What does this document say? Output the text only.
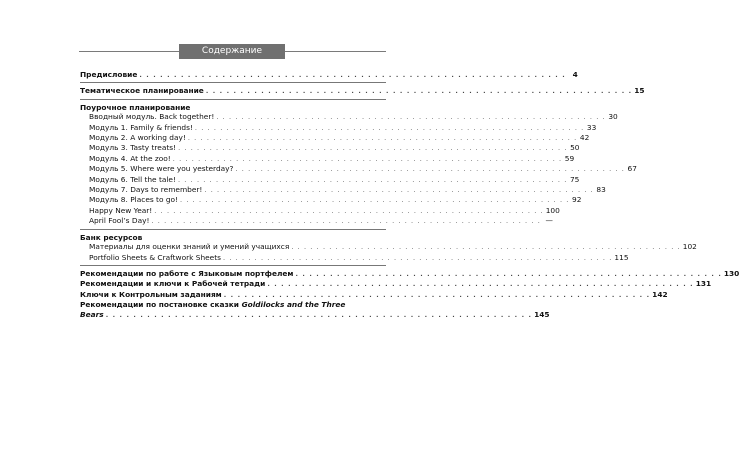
Содержание
Предисловие . . . . . . . . . . . . . . . . . . . . . . . . . . . . . . . . . . . . . . . . . . . . . . . . . . . . . . . . . . . . . . 4
Тематическое планирование . . . . . . . . . . . . . . . . . . . . . . . . . . . . . . . . . . . . . . . . . . . . . . . . . . . . . . . . . . . . . . 15
Поурочное планирование
Вводный модуль. Back together! . . . . . . . . . . . . . . . . . . . . . . . . . . . . . . . . . . . . . . . . . . . . . . . . . . . . . . . . . . . . . . 30
Модуль 1. Family & friends! . . . . . . . . . . . . . . . . . . . . . . . . . . . . . . . . . . . . . . . . . . . . . . . . . . . . . . . . . . . . . . 33
Модуль 2. A working day! . . . . . . . . . . . . . . . . . . . . . . . . . . . . . . . . . . . . . . . . . . . . . . . . . . . . . . . . . . . . . . 42
Модуль 3. Tasty treats! . . . . . . . . . . . . . . . . . . . . . . . . . . . . . . . . . . . . . . . . . . . . . . . . . . . . . . . . . . . . . . 50
Модуль 4. At the zoo! . . . . . . . . . . . . . . . . . . . . . . . . . . . . . . . . . . . . . . . . . . . . . . . . . . . . . . . . . . . . . . 59
Модуль 5. Where were you yesterday? . . . . . . . . . . . . . . . . . . . . . . . . . . . . . . . . . . . . . . . . . . . . . . . . . . . . . . . . . . . . . . 67
Модуль 6. Tell the tale! . . . . . . . . . . . . . . . . . . . . . . . . . . . . . . . . . . . . . . . . . . . . . . . . . . . . . . . . . . . . . . 75
Модуль 7. Days to remember! . . . . . . . . . . . . . . . . . . . . . . . . . . . . . . . . . . . . . . . . . . . . . . . . . . . . . . . . . . . . . . 83
Модуль 8. Places to go! . . . . . . . . . . . . . . . . . . . . . . . . . . . . . . . . . . . . . . . . . . . . . . . . . . . . . . . . . . . . . . 92
Happy New Year! . . . . . . . . . . . . . . . . . . . . . . . . . . . . . . . . . . . . . . . . . . . . . . . . . . . . . . . . . . . . . . 100
April Fool’s Day! . . . . . . . . . . . . . . . . . . . . . . . . . . . . . . . . . . . . . . . . . . . . . . . . . . . . . . . . . . . . . . —
Банк ресурсов
Материалы для оценки знаний и умений учащихся . . . . . . . . . . . . . . . . . . . . . . . . . . . . . . . . . . . . . . . . . . . . . . . . . . . . . . . . . . . . . . 102
Portfolio Sheets & Craftwork Sheets . . . . . . . . . . . . . . . . . . . . . . . . . . . . . . . . . . . . . . . . . . . . . . . . . . . . . . . . . . . . . . 115
Рекомендации по работе с Языковым портфелем . . . . . . . . . . . . . . . . . . . . . . . . . . . . . . . . . . . . . . . . . . . . . . . . . . . . . . . . . . . . . . 130
Рекомендации и ключи к Рабочей тетради . . . . . . . . . . . . . . . . . . . . . . . . . . . . . . . . . . . . . . . . . . . . . . . . . . . . . . . . . . . . . . 131
Ключи к Контрольным заданиям . . . . . . . . . . . . . . . . . . . . . . . . . . . . . . . . . . . . . . . . . . . . . . . . . . . . . . . . . . . . . . 142
Рекомендации по постановке сказки Goldilocks and the Three
Bears . . . . . . . . . . . . . . . . . . . . . . . . . . . . . . . . . . . . . . . . . . . . . . . . . . . . . . . . . . . . . . 145
